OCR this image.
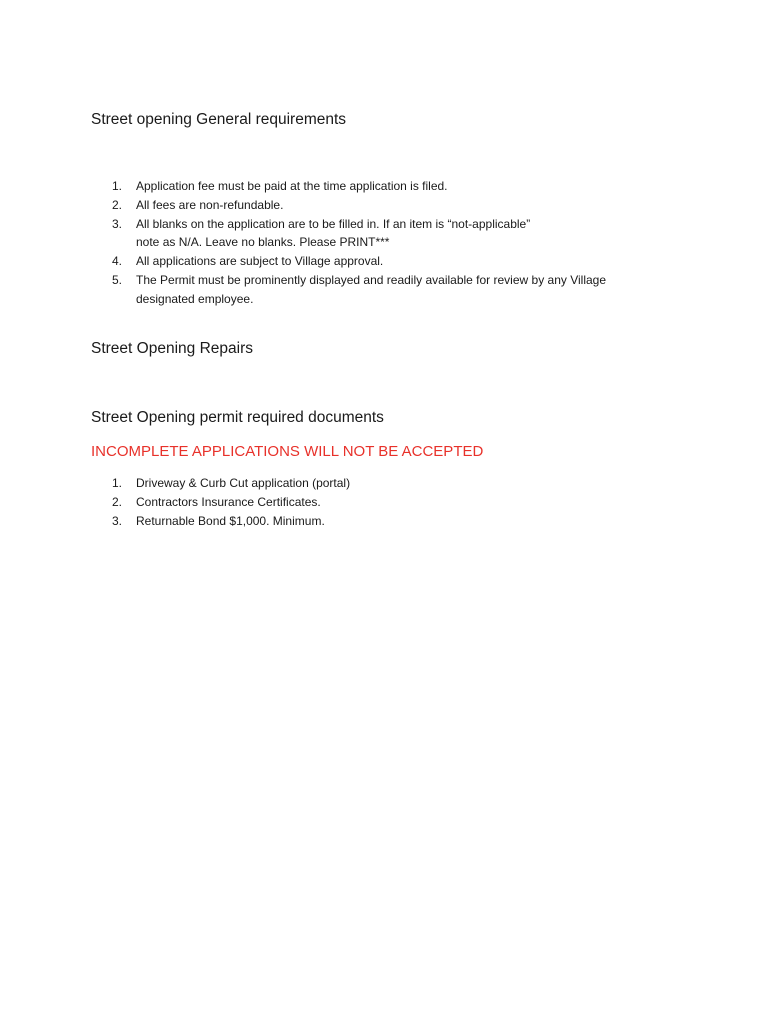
Street opening General requirements
1. Application fee must be paid at the time application is filed.
2. All fees are non-refundable.
3. All blanks on the application are to be filled in. If an item is “not-applicable”
note as N/A. Leave no blanks. Please PRINT***
4. All applications are subject to Village approval.
5. The Permit must be prominently displayed and readily available for review by any Village
designated employee.
Street Opening Repairs
Street Opening permit required documents

INCOMPLETE APPLICATIONS WILL NOT BE ACCEPTED

1. Driveway & Curb Cut application (portal)
2. Contractors Insurance Certificates.
3. Returnable Bond $1,000. Minimum.
